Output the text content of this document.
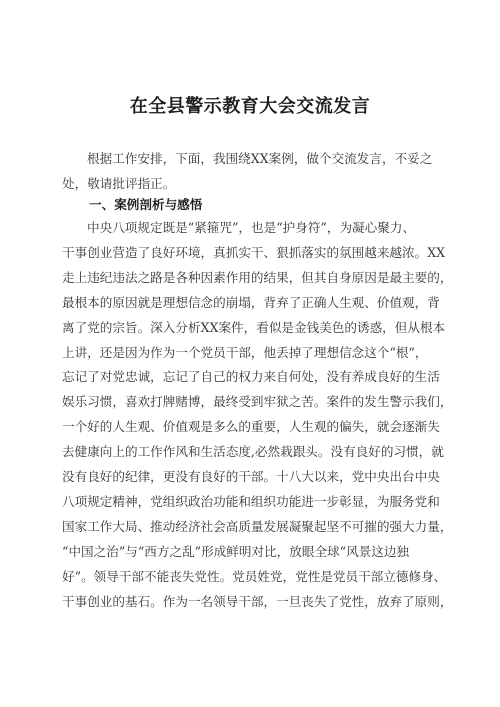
在全县警示教育大会交流发言
根据工作安排，下面，我围绕XX案例，做个交流发言，不妥之
处，敬请批评指正。
一、案例剖析与感悟
中央八项规定既是“紧箍咒”，也是“护身符”，为凝心聚力、
干事创业营造了良好环境，真抓实干、狠抓落实的氛围越来越浓。XX
走上违纪违法之路是各种因素作用的结果，但其自身原因是最主要的，
最根本的原因就是理想信念的崩塌，背弃了正确人生观、价值观，背
离了党的宗旨。深入分析XX案件，看似是金钱美色的诱惑，但从根本
上讲，还是因为作为一个党员干部，他丢掉了理想信念这个“根”，
忘记了对党忠诚，忘记了自己的权力来自何处，没有养成良好的生活
娱乐习惯，喜欢打牌赌博，最终受到牢狱之苦。案件的发生警示我们，
一个好的人生观、价值观是多么的重要，人生观的偏失，就会逐渐失
去健康向上的工作作风和生活态度,必然栽跟头。没有良好的习惯，就
没有良好的纪律，更没有良好的干部。十八大以来，党中央出台中央
八项规定精神，党组织政治功能和组织功能进一步彰显，为服务党和
国家工作大局、推动经济社会高质量发展凝聚起坚不可摧的强大力量，
“中国之治”与“西方之乱”形成鲜明对比，放眼全球“风景这边独
好”。领导干部不能丧失党性。党员姓党，党性是党员干部立德修身、
干事创业的基石。作为一名领导干部，一旦丧失了党性，放弃了原则，
